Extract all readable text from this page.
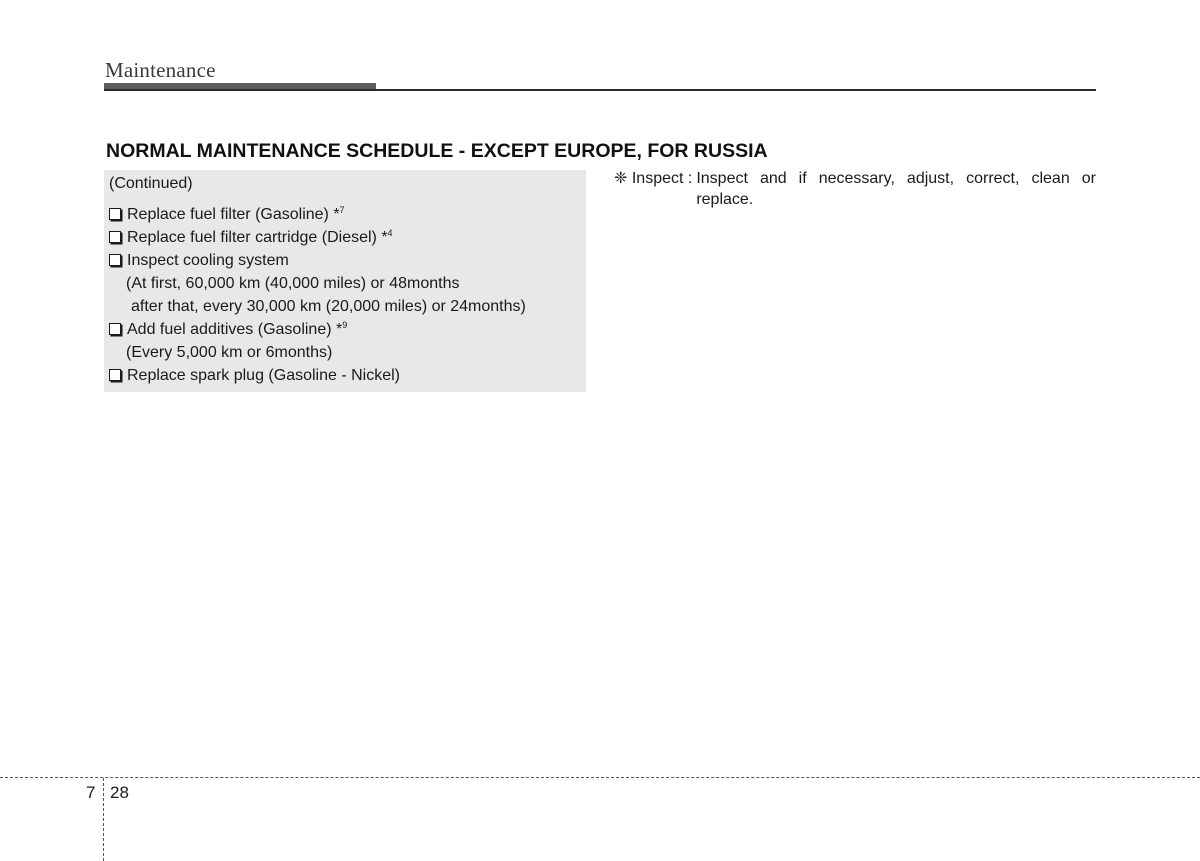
Maintenance
NORMAL MAINTENANCE SCHEDULE - EXCEPT EUROPE, FOR RUSSIA
(Continued)
Replace fuel filter (Gasoline) *$^7$
Replace fuel filter cartridge (Diesel) *$^4$
Inspect cooling system
(At first, 60,000 km (40,000 miles) or 48months
after that, every 30,000 km (20,000 miles) or 24months)
Add fuel additives (Gasoline) *$^9$
(Every 5,000 km or 6months)
Replace spark plug (Gasoline - Nickel)
❈ Inspect : Inspect and if necessary, adjust, correct, clean or replace.
7 28
